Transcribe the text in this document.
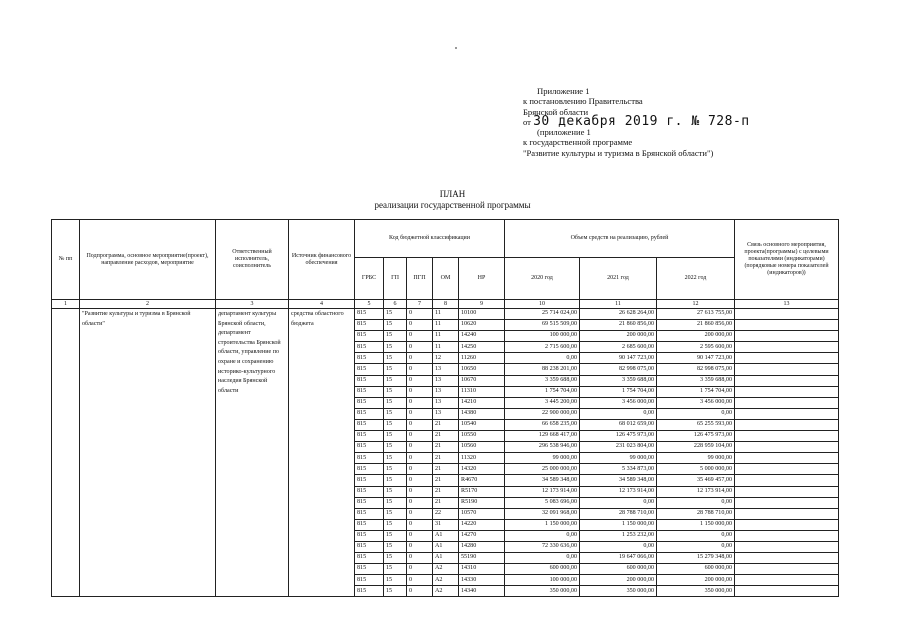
Приложение 1
к постановлению Правительства
Брянской области
от 30 декабря 2019 г. № 728-п
(приложение 1
к государственной программе
"Развитие культуры и туризма в Брянской области")
ПЛАН
реализации государственной программы
№ пп	Подпрограмма, основное мероприятие(проект), направление расходов, мероприятие	Ответственный исполнитель, соисполнитель	Источник финансового обеспечения	Код бюджетной классификации					Объем средств на реализацию, рублей			Связь основного мероприятия, проекта(программы) с целевыми показателями (индикаторами) (порядковые номера показателей (индикаторов))
				ГРБС	ГП	ПГП	ОМ	НР	2020 год	2021 год	2022 год	
1	2	3	4	5	6	7	8	9	10	11	12	13
	"Развитие культуры и туризма в Брянской области"	департамент культуры Брянской области, департамент строительства Брянской области, управление по охране и сохранению историко-культурного наследия Брянской области	средства областного бюджета	815	15	0	11	10100	25 714 024,00	26 628 264,00	27 613 755,00	
				815	15	0	11	10620	69 515 509,00	21 860 856,00	21 860 856,00	
				815	15	0	11	14240	100 000,00	200 000,00	200 000,00	
				815	15	0	11	14250	2 715 600,00	2 685 600,00	2 595 600,00	
				815	15	0	12	11260	0,00	90 147 723,00	90 147 723,00	
				815	15	0	13	10650	88 238 201,00	82 998 075,00	82 998 075,00	
				815	15	0	13	10670	3 359 688,00	3 359 688,00	3 359 688,00	
				815	15	0	13	11310	1 754 704,00	1 754 704,00	1 754 704,00	
				815	15	0	13	14210	3 445 200,00	3 456 000,00	3 456 000,00	
				815	15	0	13	14380	22 900 000,00	0,00	0,00	
				815	15	0	21	10540	66 658 235,00	68 012 659,00	65 255 593,00	
				815	15	0	21	10550	129 668 417,00	126 475 973,00	126 475 973,00	
				815	15	0	21	10560	296 538 946,00	231 023 804,00	228 959 104,00	
				815	15	0	21	11320	99 000,00	99 000,00	99 000,00	
				815	15	0	21	14320	25 000 000,00	5 334 873,00	5 000 000,00	
				815	15	0	21	R4670	34 589 348,00	34 589 348,00	35 469 457,00	
				815	15	0	21	R5170	12 173 914,00	12 173 914,00	12 173 914,00	
				815	15	0	21	R5190	5 083 696,00	0,00	0,00	
				815	15	0	22	10570	32 091 968,00	28 788 710,00	28 788 710,00	
				815	15	0	31	14220	1 150 000,00	1 150 000,00	1 150 000,00	
				815	15	0	A1	14270	0,00	1 253 232,00	0,00	
				815	15	0	A1	14280	72 330 636,00	0,00	0,00	
				815	15	0	A1	55190	0,00	19 647 066,00	15 279 348,00	
				815	15	0	A2	14310	600 000,00	600 000,00	600 000,00	
				815	15	0	A2	14330	100 000,00	200 000,00	200 000,00	
				815	15	0	A2	14340	350 000,00	350 000,00	350 000,00	
